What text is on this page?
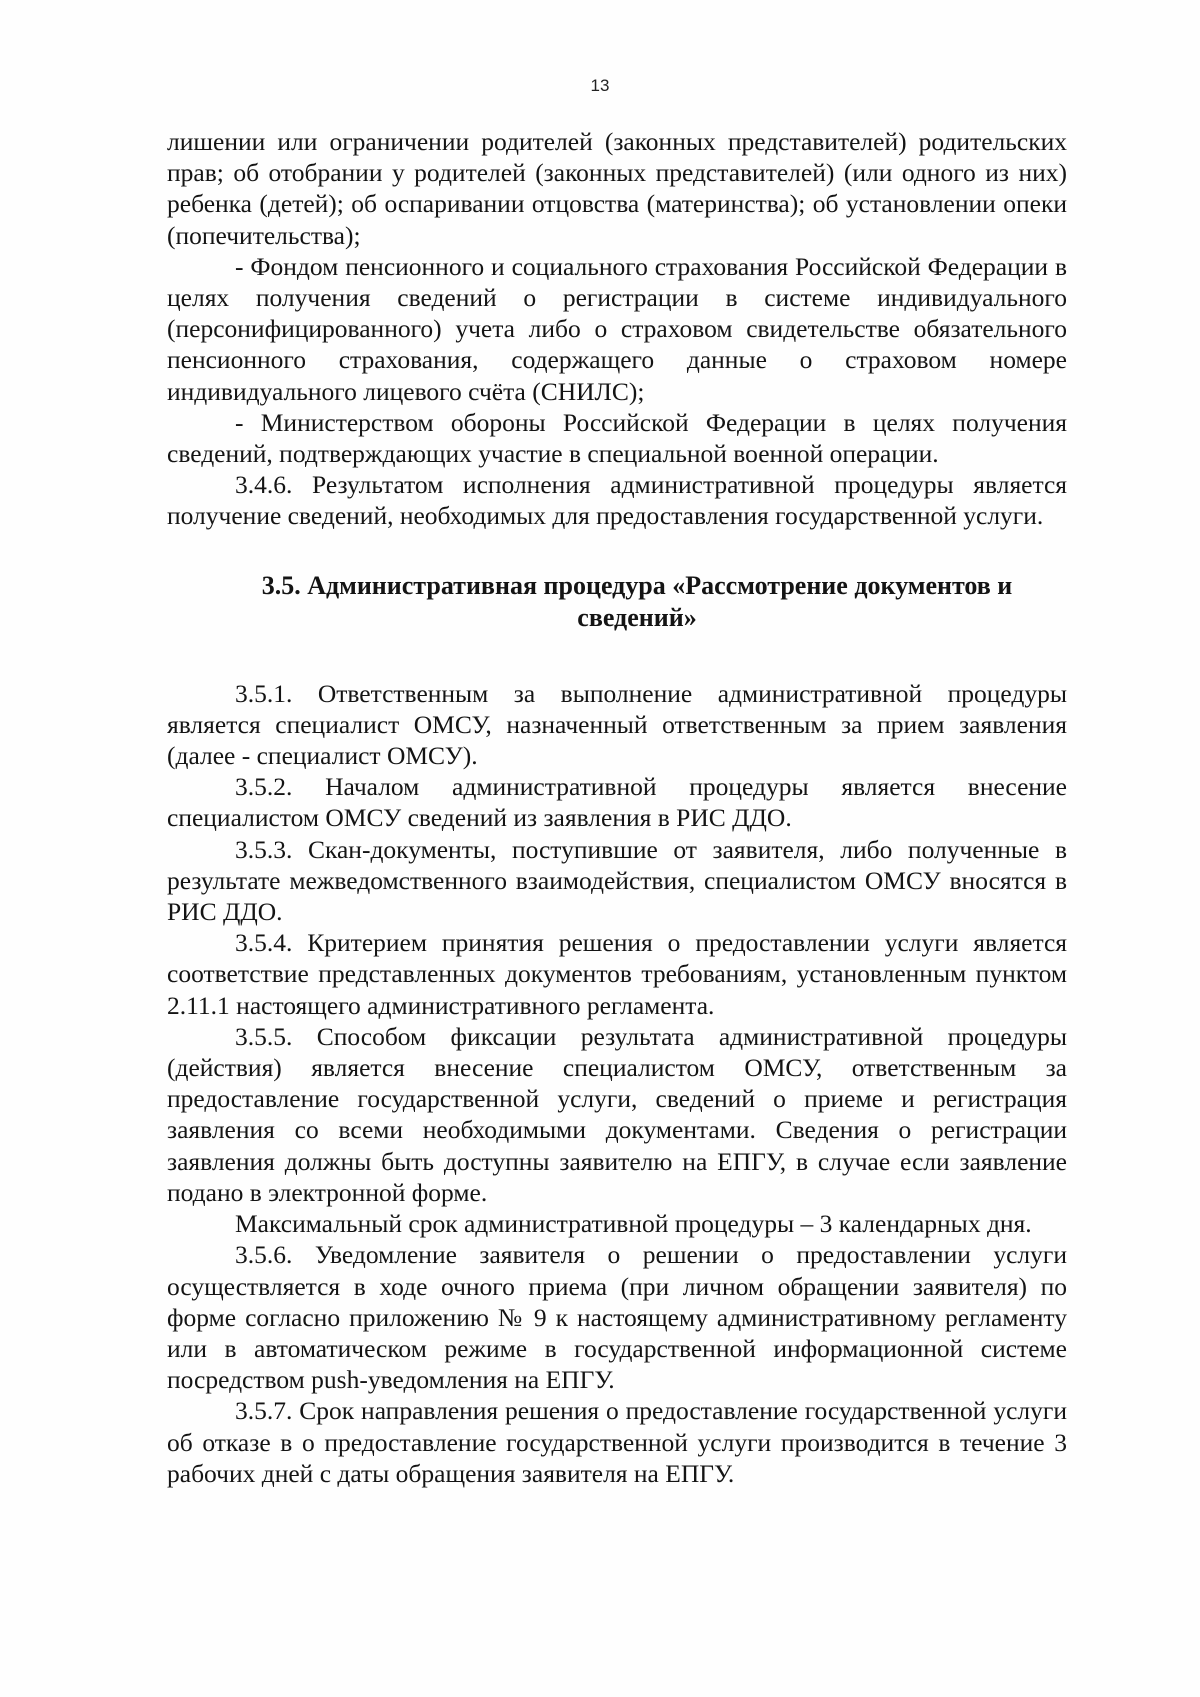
13

лишении или ограничении родителей (законных представителей) родительских прав; об отобрании у родителей (законных представителей) (или одного из них) ребенка (детей); об оспаривании отцовства (материнства); об установлении опеки (попечительства);

- Фондом пенсионного и социального страхования Российской Федерации в целях получения сведений о регистрации в системе индивидуального (персонифицированного) учета либо о страховом свидетельстве обязательного пенсионного страхования, содержащего данные о страховом номере индивидуального лицевого счёта (СНИЛС);

- Министерством обороны Российской Федерации в целях получения сведений, подтверждающих участие в специальной военной операции.

3.4.6. Результатом исполнения административной процедуры является получение сведений, необходимых для предоставления государственной услуги.

3.5. Административная процедура «Рассмотрение документов и сведений»

3.5.1. Ответственным за выполнение административной процедуры является специалист ОМСУ, назначенный ответственным за прием заявления (далее - специалист ОМСУ).

3.5.2. Началом административной процедуры является внесение специалистом ОМСУ сведений из заявления в РИС ДДО.

3.5.3. Скан-документы, поступившие от заявителя, либо полученные в результате межведомственного взаимодействия, специалистом ОМСУ вносятся в РИС ДДО.

3.5.4. Критерием принятия решения о предоставлении услуги является соответствие представленных документов требованиям, установленным пунктом 2.11.1 настоящего административного регламента.

3.5.5. Способом фиксации результата административной процедуры (действия) является внесение специалистом ОМСУ, ответственным за предоставление государственной услуги, сведений о приеме и регистрация заявления со всеми необходимыми документами. Сведения о регистрации заявления должны быть доступны заявителю на ЕПГУ, в случае если заявление подано в электронной форме.

Максимальный срок административной процедуры – 3 календарных дня.

3.5.6. Уведомление заявителя о решении о предоставлении услуги осуществляется в ходе очного приема (при личном обращении заявителя) по форме согласно приложению № 9 к настоящему административному регламенту или в автоматическом режиме в государственной информационной системе посредством push-уведомления на ЕПГУ.

3.5.7. Срок направления решения о предоставление государственной услуги об отказе в о предоставление государственной услуги производится в течение 3 рабочих дней с даты обращения заявителя на ЕПГУ.
